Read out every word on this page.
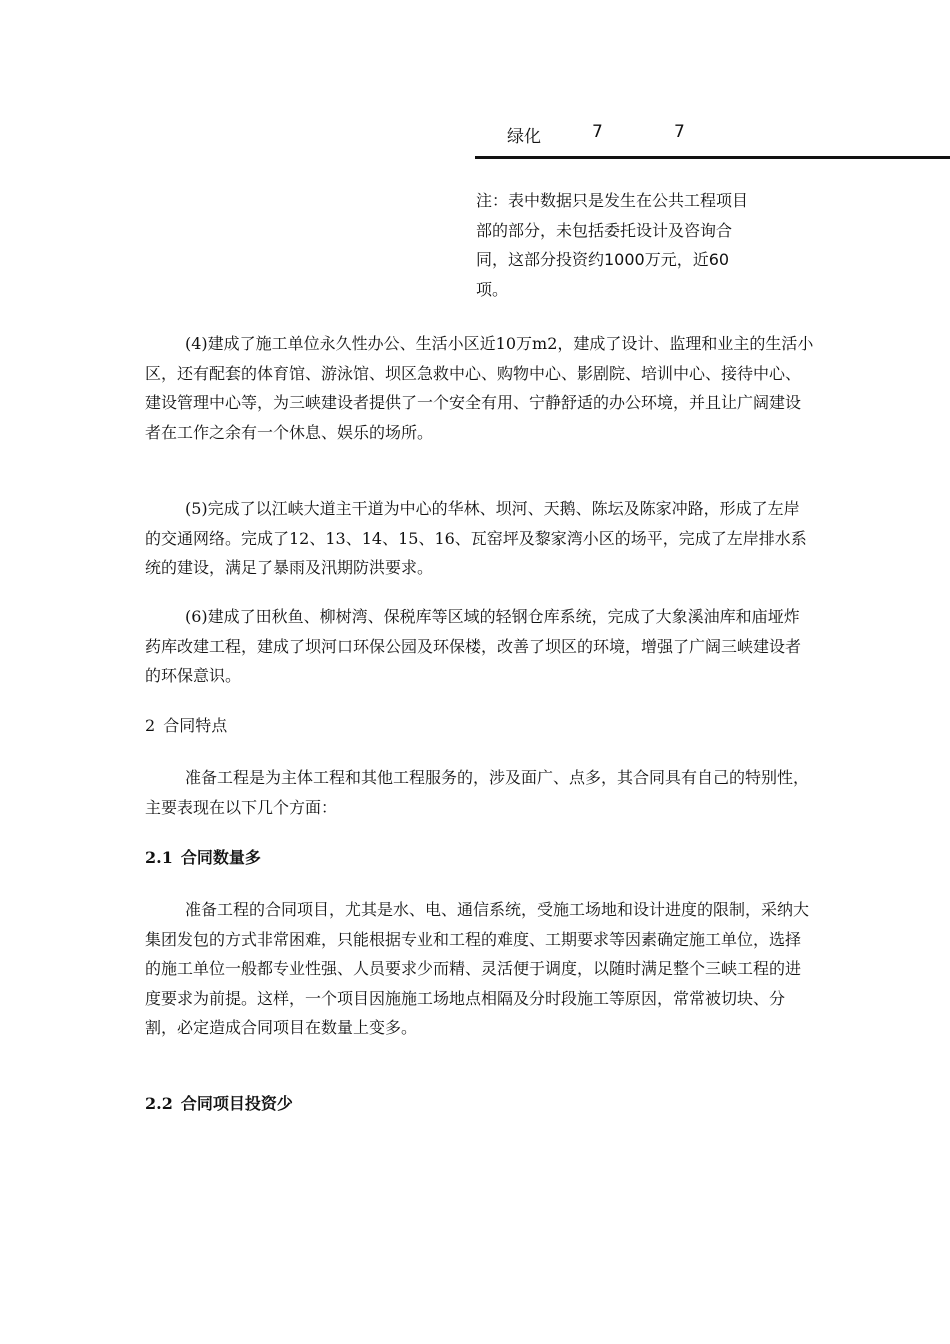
绿化	7	7
注：表中数据只是发生在公共工程项目
部的部分，未包括委托设计及咨询合
同，这部分投资约1000万元，近60
项。

(4)建成了施工单位永久性办公、生活小区近10万m2，建成了设计、监理和业主的生活小区，还有配套的体育馆、游泳馆、坝区急救中心、购物中心、影剧院、培训中心、接待中心、建设管理中心等，为三峡建设者提供了一个安全有用、宁静舒适的办公环境，并且让广阔建设者在工作之余有一个休息、娱乐的场所。

(5)完成了以江峡大道主干道为中心的华林、坝河、天鹅、陈坛及陈家冲路，形成了左岸的交通网络。完成了12、13、14、15、16、瓦窑坪及黎家湾小区的场平，完成了左岸排水系统的建设，满足了暴雨及汛期防洪要求。

(6)建成了田秋鱼、柳树湾、保税库等区域的轻钢仓库系统，完成了大象溪油库和庙垭炸药库改建工程，建成了坝河口环保公园及环保楼，改善了坝区的环境，增强了广阔三峡建设者的环保意识。

2 合同特点

准备工程是为主体工程和其他工程服务的，涉及面广、点多，其合同具有自己的特别性，主要表现在以下几个方面：

2.1 合同数量多

准备工程的合同项目，尤其是水、电、通信系统，受施工场地和设计进度的限制，采纳大集团发包的方式非常困难，只能根据专业和工程的难度、工期要求等因素确定施工单位，选择的施工单位一般都专业性强、人员要求少而精、灵活便于调度，以随时满足整个三峡工程的进度要求为前提。这样，一个项目因施施工场地点相隔及分时段施工等原因，常常被切块、分割，必定造成合同项目在数量上变多。

2.2 合同项目投资少
